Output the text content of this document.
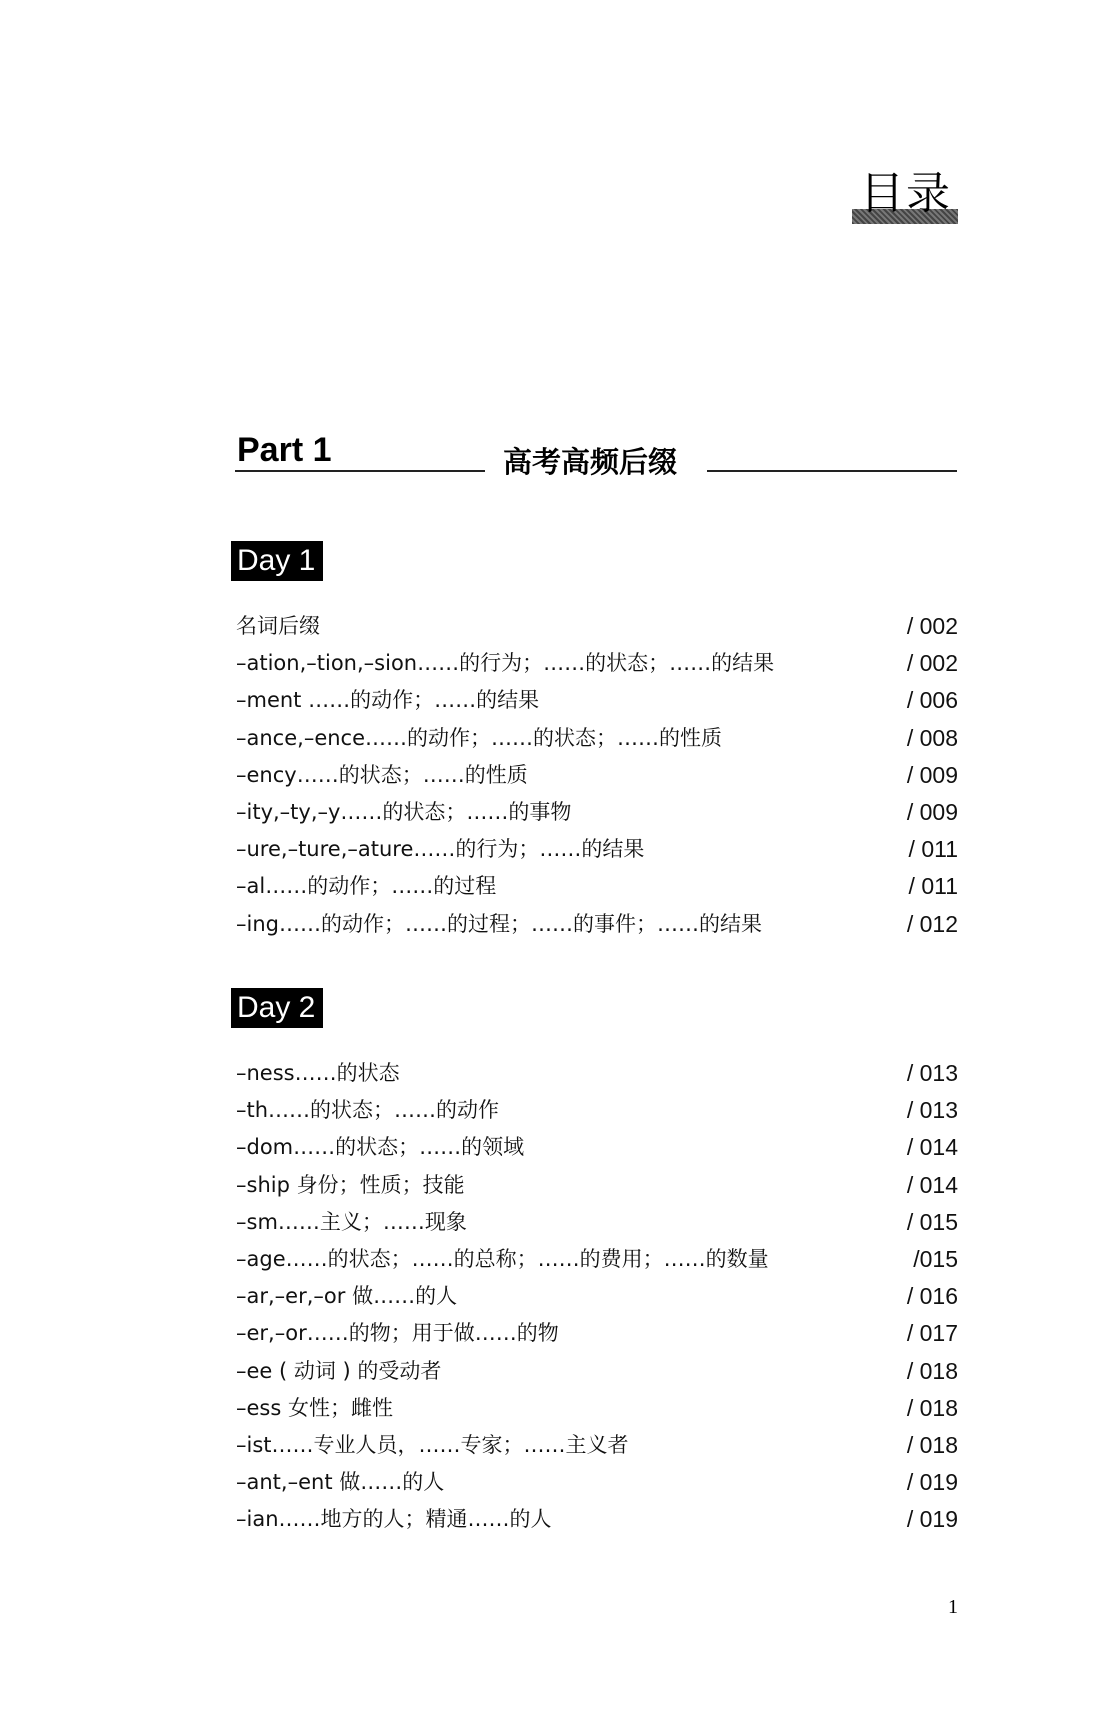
目录
Part 1	高考高频后缀
Day 1
名词后缀	/ 002
–ation,–tion,–sion……的行为；……的状态；……的结果	/ 002
–ment ……的动作；……的结果	/ 006
–ance,–ence……的动作；……的状态；……的性质	/ 008
–ency……的状态；……的性质	/ 009
–ity,–ty,–y……的状态；……的事物	/ 009
–ure,–ture,–ature……的行为；……的结果	/ 011
–al……的动作；……的过程	/ 011
–ing……的动作；……的过程；……的事件；……的结果	/ 012
Day 2
–ness……的状态	/ 013
–th……的状态；……的动作	/ 013
–dom……的状态；……的领域	/ 014
–ship 身份；性质；技能	/ 014
–sm……主义；……现象	/ 015
–age……的状态；……的总称；……的费用；……的数量	/015
–ar,–er,–or 做……的人	/ 016
–er,–or……的物；用于做……的物	/ 017
–ee ( 动词 ) 的受动者	/ 018
–ess 女性；雌性	/ 018
–ist……专业人员，……专家；……主义者	/ 018
–ant,–ent 做……的人	/ 019
–ian……地方的人；精通……的人	/ 019
1
